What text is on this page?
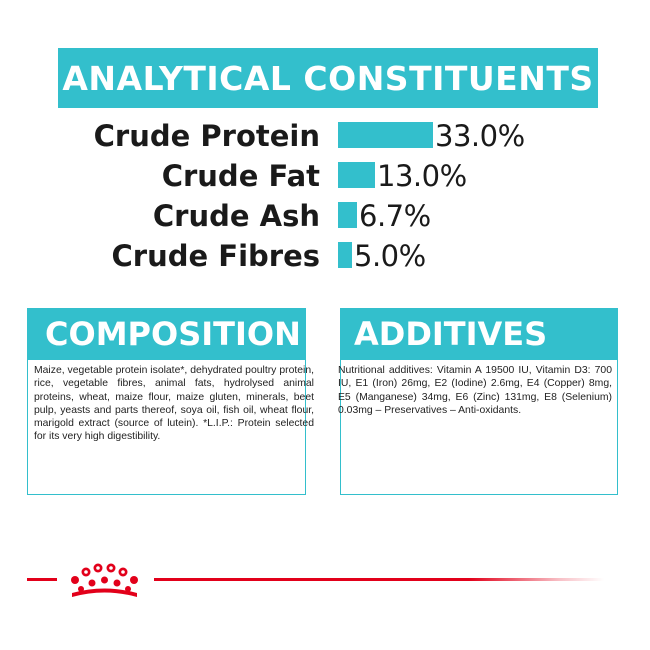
ANALYTICAL CONSTITUENTS
Crude Protein	33.0%
Crude Fat 13.0%
Crude Ash 6.7%
Crude Fibres 5.0%
COMPOSITION
Maize, vegetable protein isolate*, dehydrated poultry protein, rice, vegetable fibres, animal fats, hydrolysed animal proteins, wheat, maize flour, maize gluten, minerals, beet pulp, yeasts and parts thereof, soya oil, fish oil, wheat flour, marigold extract (source of lutein). *L.I.P.: Protein selected for its very high digestibility.
ADDITIVES
Nutritional additives: Vitamin A 19500 IU, Vitamin D3: 700 IU, E1 (Iron) 26mg, E2 (Iodine) 2.6mg, E4 (Copper) 8mg, E5 (Manganese) 34mg, E6 (Zinc) 131mg, E8 (Selenium) 0.03mg – Preservatives – Anti-oxidants.
